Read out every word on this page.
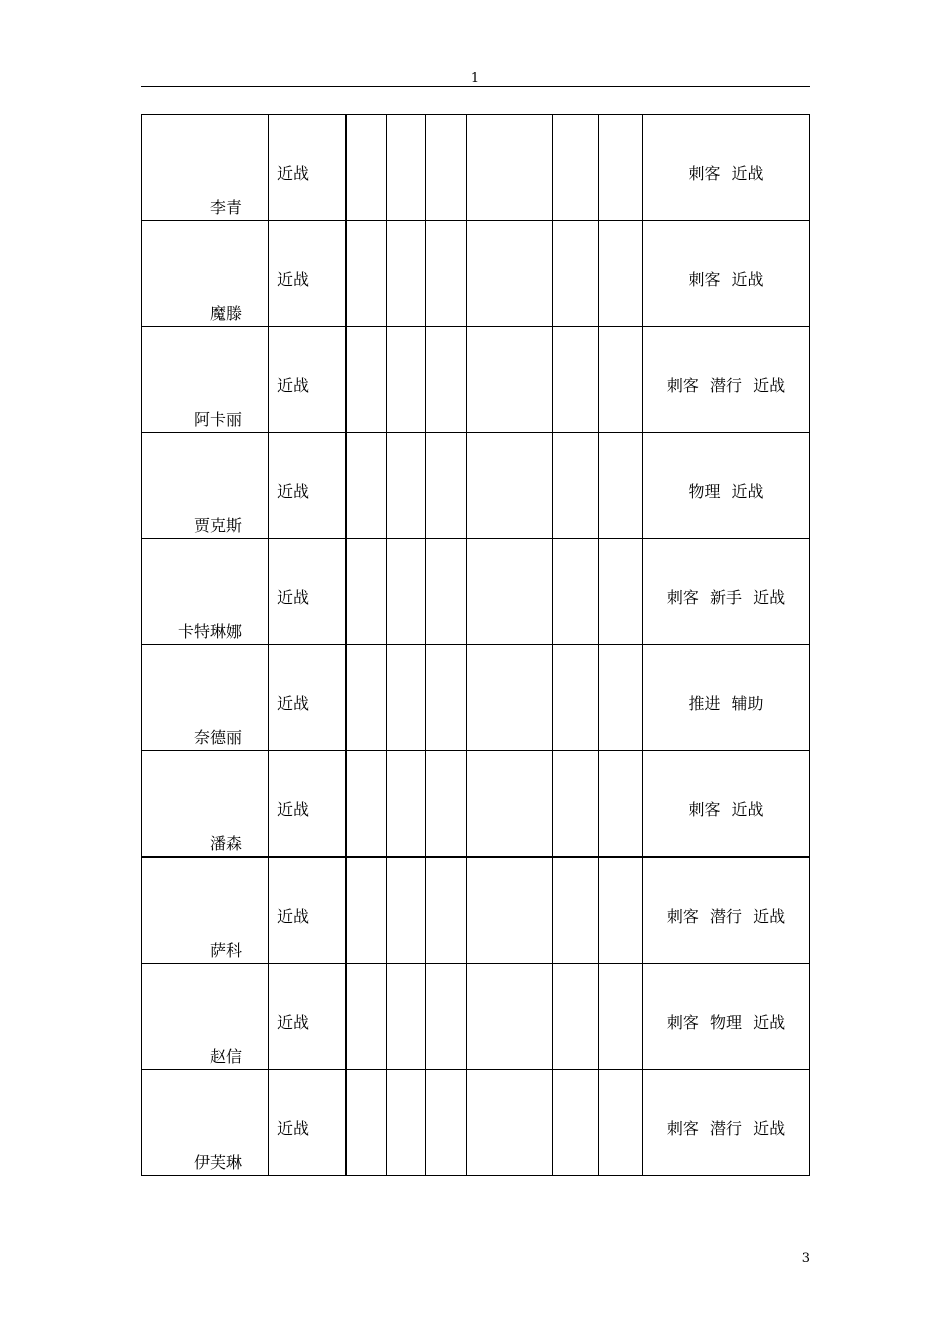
1
李青	近战							刺客 近战

魔滕	近战							刺客 近战

阿卡丽	近战							刺客 潜行 近战

贾克斯	近战							物理 近战

卡特琳娜	近战							刺客 新手 近战

奈德丽	近战							推进 辅助

潘森	近战							刺客 近战

萨科	近战							刺客 潜行 近战

赵信	近战							刺客 物理 近战

伊芙琳	近战							刺客 潜行 近战
3
